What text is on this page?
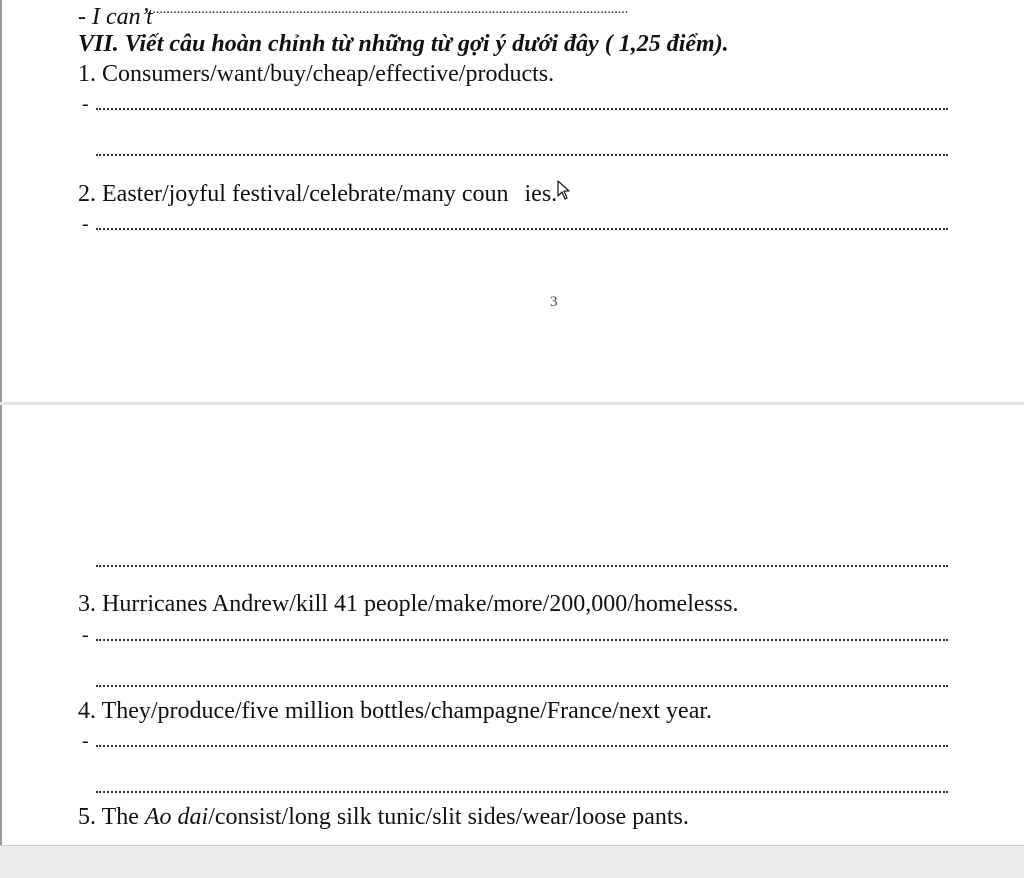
- I can’t........................................................................................................................................
VII. Viết câu hoàn chỉnh từ những từ gợi ý dưới đây ( 1,25 điểm).
1. Consumers/want/buy/cheap/effective/products.
-
2. Easter/joyful festival/celebrate/many coun ies.
-
3
3. Hurricanes Andrew/kill 41 people/make/more/200,000/homelesss.
-
4. They/produce/five million bottles/champagne/France/next year.
-
5. The Ao dai/consist/long silk tunic/slit sides/wear/loose pants.
